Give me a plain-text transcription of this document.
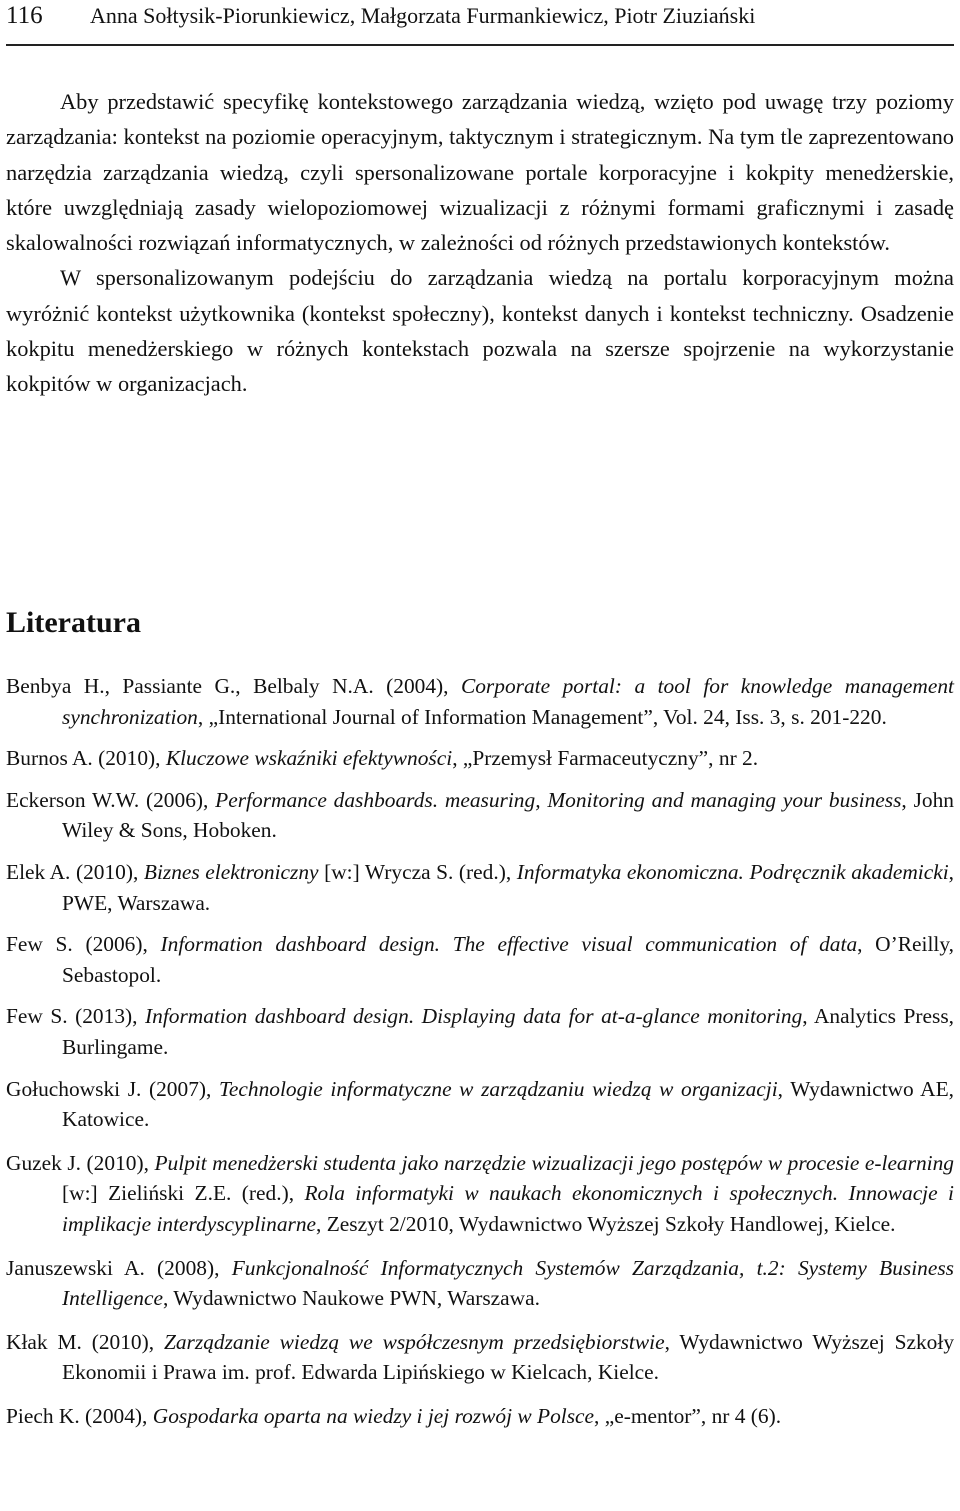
116 Anna Sołtysik-Piorunkiewicz, Małgorzata Furmankiewicz, Piotr Ziuziański

Aby przedstawić specyfikę kontekstowego zarządzania wiedzą, wzięto pod uwagę trzy poziomy zarządzania: kontekst na poziomie operacyjnym, taktycznym i strategicznym. Na tym tle zaprezentowano narzędzia zarządzania wiedzą, czyli spersonalizowane portale korporacyjne i kokpity menedżerskie, które uwzględniają zasady wielopoziomowej wizualizacji z różnymi formami graficznymi i zasadę skalowalności rozwiązań informatycznych, w zależności od różnych przedstawionych kontekstów.

W spersonalizowanym podejściu do zarządzania wiedzą na portalu korporacyjnym można wyróżnić kontekst użytkownika (kontekst społeczny), kontekst danych i kontekst techniczny. Osadzenie kokpitu menedżerskiego w różnych kontekstach pozwala na szersze spojrzenie na wykorzystanie kokpitów w organizacjach.

Literatura
Benbya H., Passiante G., Belbaly N.A. (2004), Corporate portal: a tool for knowledge management synchronization, „International Journal of Information Management”, Vol. 24, Iss. 3, s. 201-220.
Burnos A. (2010), Kluczowe wskaźniki efektywności, „Przemysł Farmaceutyczny”, nr 2.
Eckerson W.W. (2006), Performance dashboards. measuring, Monitoring and managing your business, John Wiley & Sons, Hoboken.
Elek A. (2010), Biznes elektroniczny [w:] Wrycza S. (red.), Informatyka ekonomiczna. Podręcznik akademicki, PWE, Warszawa.
Few S. (2006), Information dashboard design. The effective visual communication of data, O’Reilly, Sebastopol.
Few S. (2013), Information dashboard design. Displaying data for at-a-glance monitoring, Analytics Press, Burlingame.
Gołuchowski J. (2007), Technologie informatyczne w zarządzaniu wiedzą w organizacji, Wydawnictwo AE, Katowice.
Guzek J. (2010), Pulpit menedżerski studenta jako narzędzie wizualizacji jego postępów w procesie e-learning [w:] Zieliński Z.E. (red.), Rola informatyki w naukach ekonomicznych i społecznych. Innowacje i implikacje interdyscyplinarne, Zeszyt 2/2010, Wydawnictwo Wyższej Szkoły Handlowej, Kielce.
Januszewski A. (2008), Funkcjonalność Informatycznych Systemów Zarządzania, t.2: Systemy Business Intelligence, Wydawnictwo Naukowe PWN, Warszawa.
Kłak M. (2010), Zarządzanie wiedzą we współczesnym przedsiębiorstwie, Wydawnictwo Wyższej Szkoły Ekonomii i Prawa im. prof. Edwarda Lipińskiego w Kielcach, Kielce.
Piech K. (2004), Gospodarka oparta na wiedzy i jej rozwój w Polsce, „e-mentor”, nr 4 (6).
